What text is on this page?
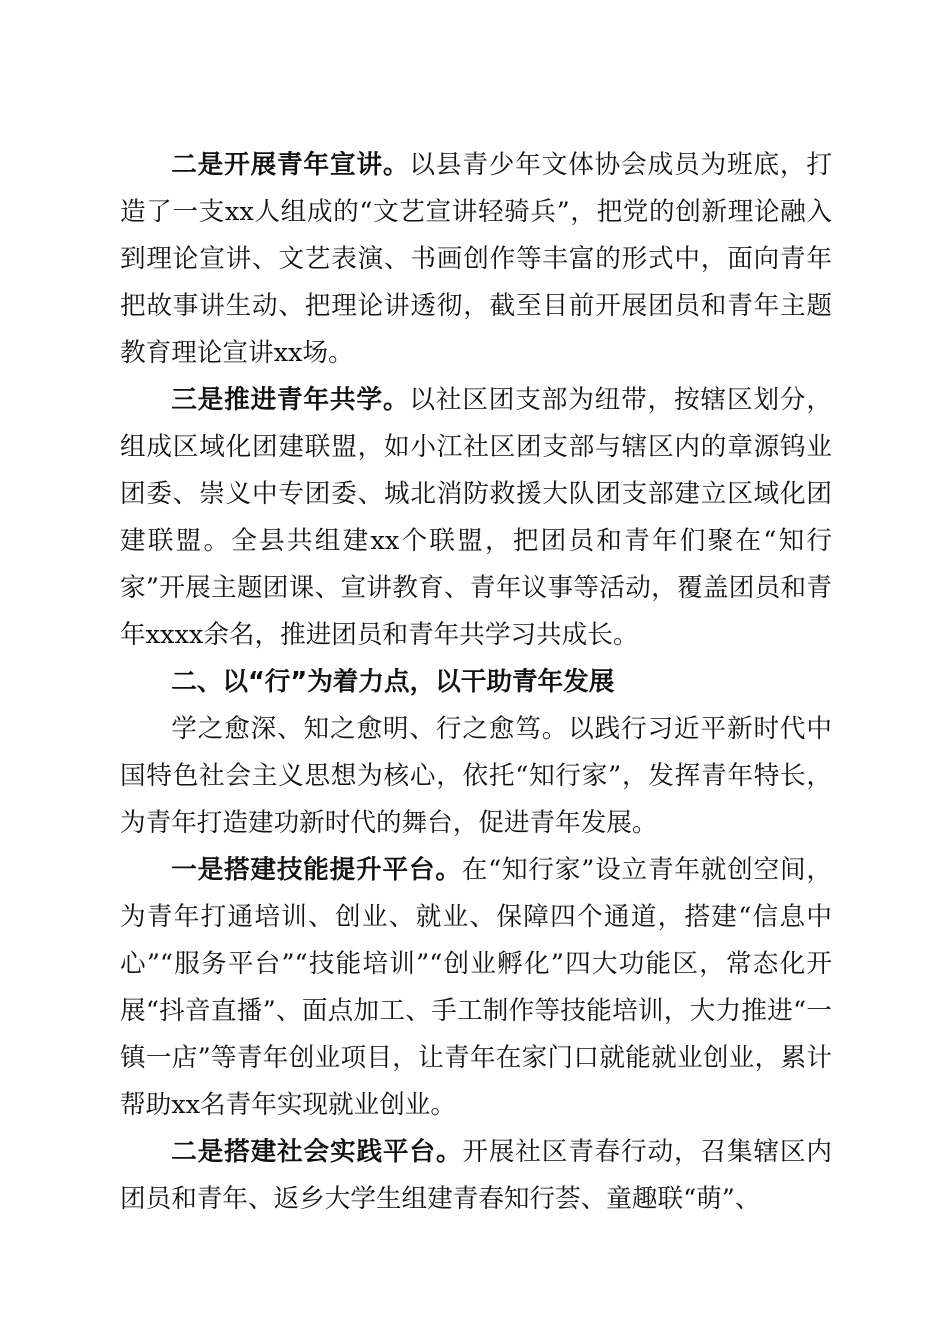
二是开展青年宣讲。以县青少年文体协会成员为班底，打造了一支xx人组成的“文艺宣讲轻骑兵”，把党的创新理论融入到理论宣讲、文艺表演、书画创作等丰富的形式中，面向青年把故事讲生动、把理论讲透彻，截至目前开展团员和青年主题教育理论宣讲xx场。

三是推进青年共学。以社区团支部为纽带，按辖区划分，组成区域化团建联盟，如小江社区团支部与辖区内的章源钨业团委、崇义中专团委、城北消防救援大队团支部建立区域化团建联盟。全县共组建xx个联盟，把团员和青年们聚在“知行家”开展主题团课、宣讲教育、青年议事等活动，覆盖团员和青年xxxx余名，推进团员和青年共学习共成长。

二、以“行”为着力点，以干助青年发展

学之愈深、知之愈明、行之愈笃。以践行习近平新时代中国特色社会主义思想为核心，依托“知行家”，发挥青年特长，为青年打造建功新时代的舞台，促进青年发展。

一是搭建技能提升平台。在“知行家”设立青年就创空间，为青年打通培训、创业、就业、保障四个通道，搭建“信息中心”“服务平台”“技能培训”“创业孵化”四大功能区，常态化开展“抖音直播”、面点加工、手工制作等技能培训，大力推进“一镇一店”等青年创业项目，让青年在家门口就能就业创业，累计帮助xx名青年实现就业创业。

二是搭建社会实践平台。开展社区青春行动，召集辖区内团员和青年、返乡大学生组建青春知行荟、童趣联“萌”、
